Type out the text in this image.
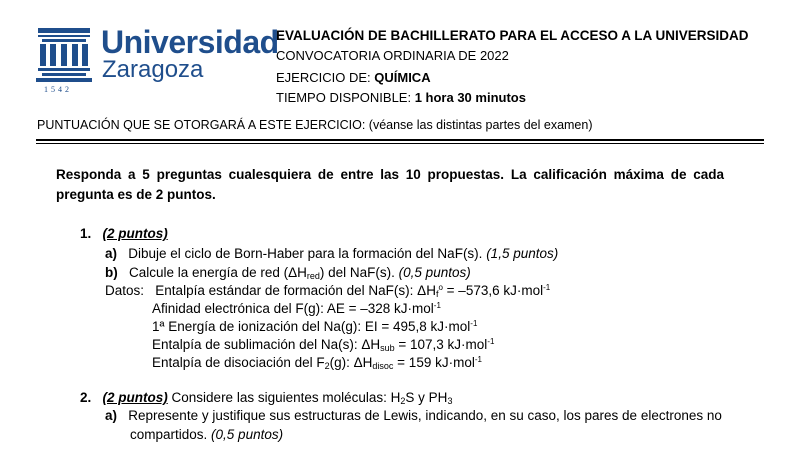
Universidad
Zaragoza
1542
EVALUACIÓN DE BACHILLERATO PARA EL ACCESO A LA UNIVERSIDAD
CONVOCATORIA ORDINARIA DE 2022
EJERCICIO DE: QUÍMICA
TIEMPO DISPONIBLE: 1 hora 30 minutos
PUNTUACIÓN QUE SE OTORGARÁ A ESTE EJERCICIO: (véanse las distintas partes del examen)
Responda a 5 preguntas cualesquiera de entre las 10 propuestas. La calificación máxima de cada pregunta es de 2 puntos.
1. (2 puntos)
a) Dibuje el ciclo de Born-Haber para la formación del NaF(s). (1,5 puntos)
b) Calcule la energía de red $(\Delta H_{red})$ del NaF(s). (0,5 puntos)
Datos: Entalpía estándar de formación del NaF(s): $\Delta H_f^o = -573,6$ kJ·mol$^{-1}$
Afinidad electrónica del F(g): AE = –328 kJ·mol$^{-1}$
1ª Energía de ionización del Na(g): EI = 495,8 kJ·mol$^{-1}$
Entalpía de sublimación del Na(s): $\Delta H_{sub} = 107,3$ kJ·mol$^{-1}$
Entalpía de disociación del $F_2(g)$: $\Delta H_{disoc} = 159$ kJ·mol$^{-1}$
2. (2 puntos) Considere las siguientes moléculas: $H_2S$ y $PH_3$
a) Represente y justifique sus estructuras de Lewis, indicando, en su caso, los pares de electrones no
compartidos. (0,5 puntos)
